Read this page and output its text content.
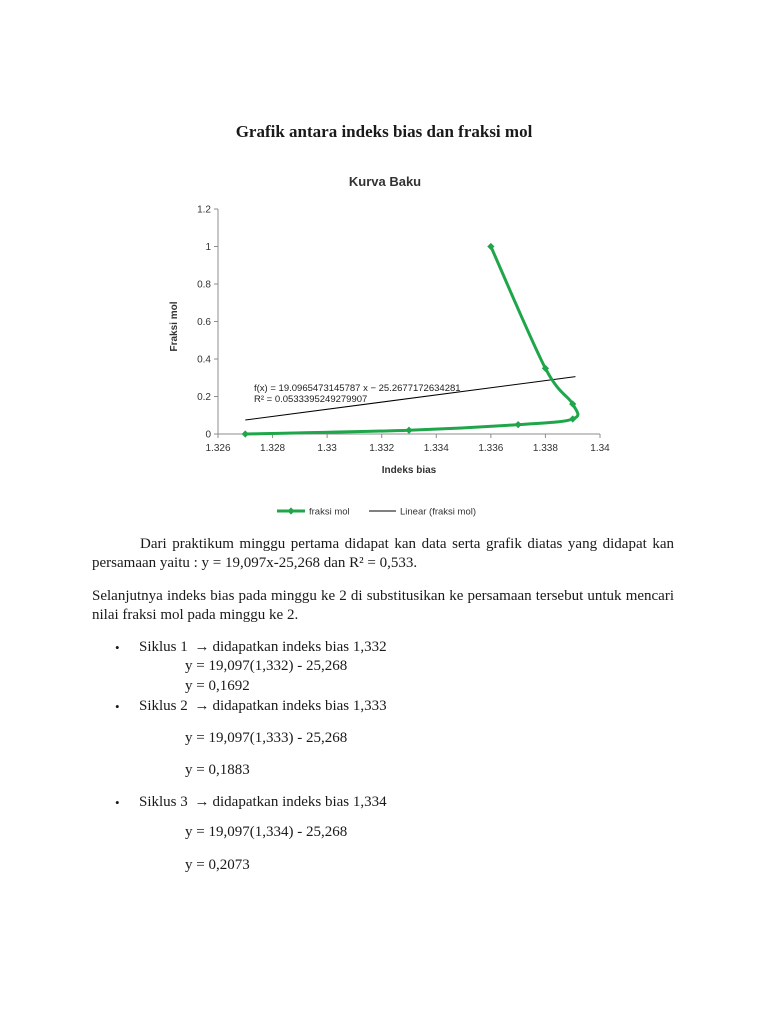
Grafik antara indeks bias dan fraksi mol
Kurva Baku
1.326	1.328	1.33	1.332	1.334	1.336	1.338	1.34
0
0.2
0.4
0.6
0.8
1
1.2
Indeks bias
Fraksi mol
f(x) = 19.0965473145787 x − 25.2677172634281
R² = 0.0533395249279907
fraksi mol	Linear (fraksi mol)
Dari praktikum minggu pertama didapat kan data serta grafik diatas yang didapat kan persamaan yaitu : y = 19,097x-25,268 dan R² = 0,533.
Selanjutnya indeks bias pada minggu ke 2 di substitusikan ke persamaan tersebut untuk mencari nilai fraksi mol pada minggu ke 2.
• Siklus 1 → didapatkan indeks bias 1,332
y = 19,097(1,332) - 25,268
y = 0,1692
• Siklus 2 → didapatkan indeks bias 1,333
y = 19,097(1,333) - 25,268
y = 0,1883
• Siklus 3 → didapatkan indeks bias 1,334
y = 19,097(1,334) - 25,268
y = 0,2073
